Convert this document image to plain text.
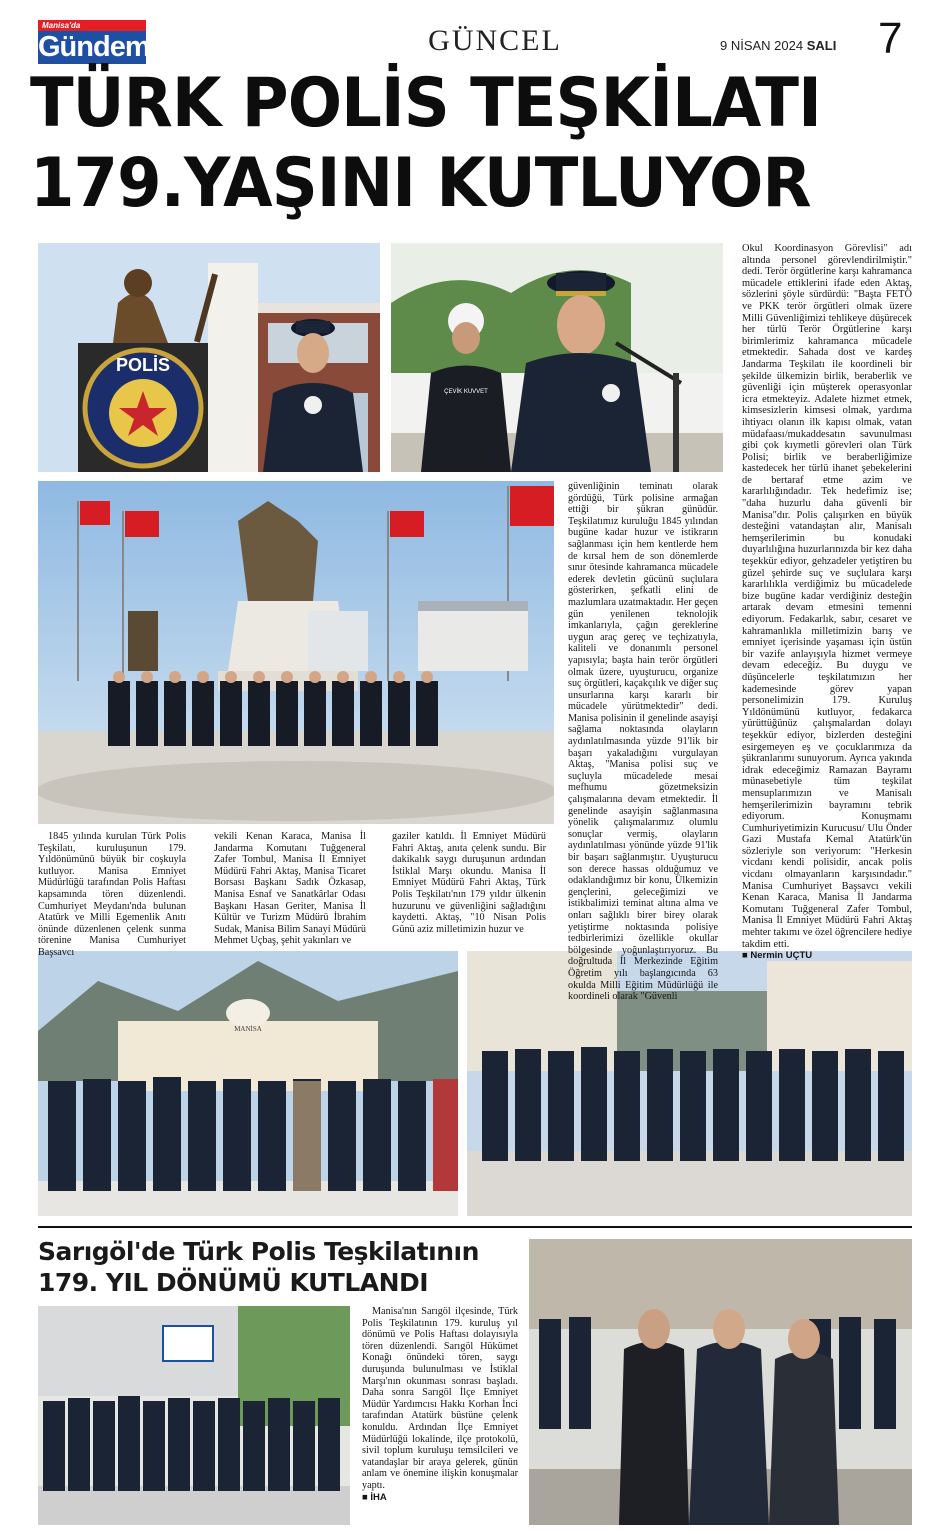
Manisa'da
Gündem	GÜNCEL	9 NİSAN 2024 SALI 7
TÜRK POLİS TEŞKİLATI
179.YAŞINI KUTLUYOR
POLİS
ÇEVİK KUVVET
MANİSA

1845 yılında kurulan Türk Polis Teşkilatı, kuruluşunun 179. Yıldönümünü büyük bir coşkuyla kutluyor. Manisa Emniyet Müdürlüğü tarafından Polis Haftası kapsamında tören düzenlendi. Cumhuriyet Meydanı'nda bulunan Atatürk ve Milli Egemenlik Anıtı önünde düzenlenen çelenk sunma törenine Manisa Cumhuriyet Başsavcı

vekili Kenan Karaca, Manisa İl Jandarma Komutanı Tuğgeneral Zafer Tombul, Manisa İl Emniyet Müdürü Fahri Aktaş, Manisa Ticaret Borsası Başkanı Sadık Özkasap, Manisa Esnaf ve Sanatkârlar Odası Başkanı Hasan Geriter, Manisa İl Kültür ve Turizm Müdürü İbrahim Sudak, Manisa Bilim Sanayi Müdürü Mehmet Uçbaş, şehit yakınları ve

gaziler katıldı. İl Emniyet Müdürü Fahri Aktaş, anıta çelenk sundu. Bir dakikalık saygı duruşunun ardından İstiklal Marşı okundu. Manisa İl Emniyet Müdürü Fahri Aktaş, Türk Polis Teşkilatı'nın 179 yıldır ülkenin huzurunu ve güvenliğini sağladığını kaydetti. Aktaş, "10 Nisan Polis Günü aziz milletimizin huzur ve

güvenliğinin teminatı olarak gördüğü, Türk polisine armağan ettiği bir şükran günüdür. Teşkilatımız kuruluğu 1845 yılından bugüne kadar huzur ve istikrarın sağlanması için hem kentlerde hem de kırsal hem de son dönemlerde sınır ötesinde kahramanca mücadele ederek devletin gücünü suçlulara gösterirken, şefkatli elini de mazlumlara uzatmaktadır. Her geçen gün yenilenen teknolojik imkanlarıyla, çağın gereklerine uygun araç gereç ve teçhizatıyla, kaliteli ve donanımlı personel yapısıyla; başta hain terör örgütleri olmak üzere, uyuşturucu, organize suç örgütleri, kaçakçılık ve diğer suç unsurlarına karşı kararlı bir mücadele yürütmektedir" dedi. Manisa polisinin il genelinde asayişi sağlama noktasında olayların aydınlatılmasında yüzde 91'lik bir başarı yakaladığını vurgulayan Aktaş, "Manisa polisi suç ve suçluyla mücadelede mesai mefhumu gözetmeksizin çalışmalarına devam etmektedir. İl genelinde asayişin sağlanmasına yönelik çalışmalarımız olumlu sonuçlar vermiş, olayların aydınlatılması yönünde yüzde 91'lik bir başarı sağlanmıştır. Uyuşturucu son derece hassas olduğumuz ve odaklandığımız bir konu, Ülkemizin gençlerini, geleceğimizi ve istikbalimizi teminat altına alma ve onları sağlıklı birer birey olarak yetiştirme noktasında polisiye tedbirlerimizi özellikle okullar bölgesinde yoğunlaştırıyoruz. Bu doğrultuda İl Merkezinde Eğitim Öğretim yılı başlangıcında 63 okulda Milli Eğitim Müdürlüğü ile koordineli olarak "Güvenli

Okul Koordinasyon Görevlisi" adı altında personel görevlendirilmiştir." dedi. Terör örgütlerine karşı kahramanca mücadele ettiklerini ifade eden Aktaş, sözlerini şöyle sürdürdü: "Başta FETÖ ve PKK terör örgütleri olmak üzere Milli Güvenliğimizi tehlikeye düşürecek her türlü Terör Örgütlerine karşı birimlerimiz kahramanca mücadele etmektedir. Sahada dost ve kardeş Jandarma Teşkilatı ile koordineli bir şekilde ülkemizin birlik, beraberlik ve güvenliği için müşterek operasyonlar icra etmekteyiz. Adalete hizmet etmek, kimsesizlerin kimsesi olmak, yardıma ihtiyacı olanın ilk kapısı olmak, vatan müdafaası/mukaddesatın savunulması gibi çok kıymetli görevleri olan Türk Polisi; birlik ve beraberliğimize kastedecek her türlü ihanet şebekelerini de bertaraf etme azim ve kararlılığındadır. Tek hedefimiz ise; "daha huzurlu daha güvenli bir Manisa"dır. Polis çalışırken en büyük desteğini vatandaştan alır, Manisalı hemşerilerimin bu konudaki duyarlılığına huzurlarınızda bir kez daha teşekkür ediyor, gehzadeler yetiştiren bu güzel şehirde suç ve suçlulara karşı kararlılıkla verdiğimiz bu mücadelede bize bugüne kadar verdiğiniz desteğin artarak devam etmesini temenni ediyorum. Fedakarlık, sabır, cesaret ve kahramanlıkla milletimizin barış ve emniyet içerisinde yaşaması için üstün bir vazife anlayışıyla hizmet vermeye devam edeceğiz. Bu duygu ve düşüncelerle teşkilatımızın her kademesinde görev yapan personelimizin 179. Kuruluş Yıldönümünü kutluyor, fedakarca yürüttüğünüz çalışmalardan dolayı teşekkür ediyor, bizlerden desteğini esirgemeyen eş ve çocuklarımıza da şükranlarımı sunuyorum. Ayrıca yakında idrak edeceğimiz Ramazan Bayramı münasebetiyle tüm teşkilat mensuplarımızın ve Manisalı hemşerilerimizin bayramını tebrik ediyorum. Konuşmamı Cumhuriyetimizin Kurucusu/ Ulu Önder Gazi Mustafa Kemal Atatürk'ün sözleriyle son veriyorum: "Herkesin vicdanı kendi polisidir, ancak polis vicdanı olmayanların karşısındadır." Manisa Cumhuriyet Başsavcı vekili Kenan Karaca, Manisa İl Jandarma Komutanı Tuğgeneral Zafer Tombul, Manisa İl Emniyet Müdürü Fahri Aktaş mehter takımı ve özel öğrencilere hediye takdim etti.

■ Nermin UÇTU
Sarıgöl'de Türk Polis Teşkilatının
179. YIL DÖNÜMÜ KUTLANDI

Manisa'nın Sarıgöl ilçesinde, Türk Polis Teşkilatının 179. kuruluş yıl dönümü ve Polis Haftası dolayısıyla tören düzenlendi. Sarıgöl Hükümet Konağı önündeki tören, saygı duruşunda bulunulması ve İstiklal Marşı'nın okunması sonrası başladı. Daha sonra Sarıgöl İlçe Emniyet Müdür Yardımcısı Hakkı Korhan İnci tarafından Atatürk büstüne çelenk konuldu. Ardından İlçe Emniyet Müdürlüğü lokalinde, ilçe protokolü, sivil toplum kuruluşu temsilcileri ve vatandaşlar bir araya gelerek, günün anlam ve önemine ilişkin konuşmalar yaptı.

■ İHA
